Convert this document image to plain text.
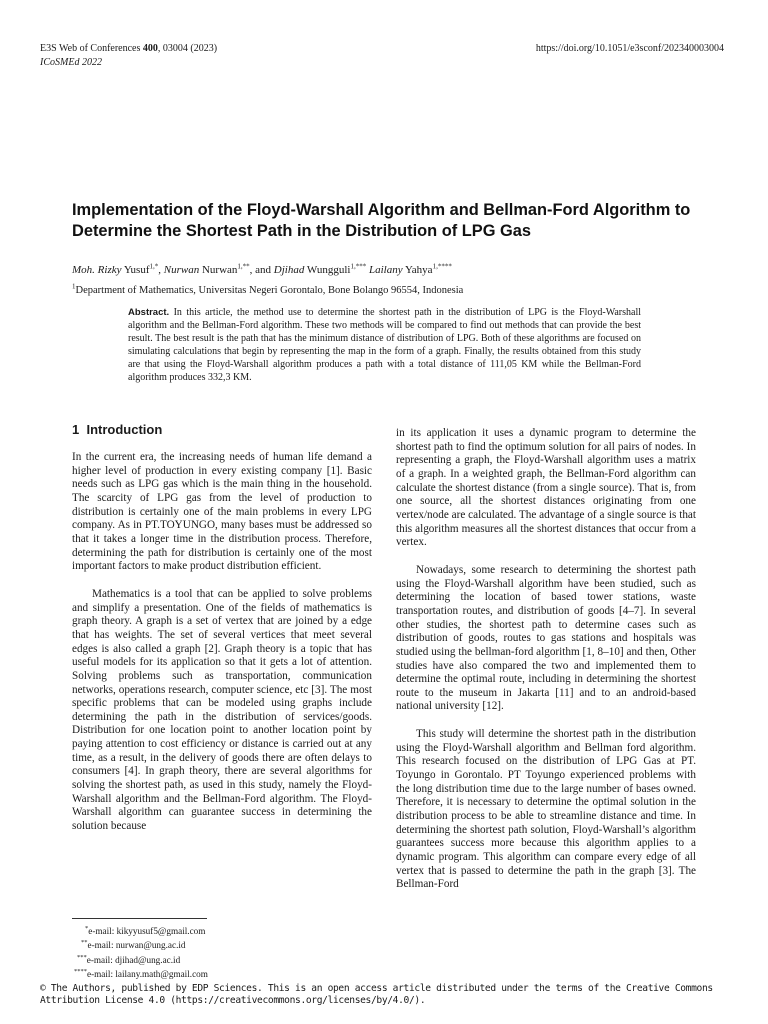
E3S Web of Conferences 400, 03004 (2023)
ICoSMEd 2022
https://doi.org/10.1051/e3sconf/202340003004
Implementation of the Floyd-Warshall Algorithm and Bellman-Ford Algorithm to Determine the Shortest Path in the Distribution of LPG Gas
Moh. Rizky Yusuf$^{1,*}$, Nurwan Nurwan$^{1,**}$, and Djihad Wungguli$^{1,***}$ Lailany Yahya$^{1,****}$
$^1$Department of Mathematics, Universitas Negeri Gorontalo, Bone Bolango 96554, Indonesia
Abstract. In this article, the method use to determine the shortest path in the distribution of LPG is the Floyd-Warshall algorithm and the Bellman-Ford algorithm. These two methods will be compared to find out methods that can provide the best result. The best result is the path that has the minimum distance of distribution of LPG. Both of these algorithms are focused on simulating calculations that begin by representing the map in the form of a graph. Finally, the results obtained from this study are that using the Floyd-Warshall algorithm produces a path with a total distance of 111,05 KM while the Bellman-Ford algorithm produces 332,3 KM.
1 Introduction

In the current era, the increasing needs of human life demand a higher level of production in every existing company [1]. Basic needs such as LPG gas which is the main thing in the household. The scarcity of LPG gas from the level of production to distribution is certainly one of the main problems in every LPG company. As in PT.TOYUNGO, many bases must be addressed so that it takes a longer time in the distribution process. Therefore, determining the path for distribution is certainly one of the most important factors to make product distribution efficient.

Mathematics is a tool that can be applied to solve problems and simplify a presentation. One of the fields of mathematics is graph theory. A graph is a set of vertex that are joined by a edge that has weights. The set of several vertices that meet several edges is also called a graph [2]. Graph theory is a topic that has useful models for its application so that it gets a lot of attention. Solving problems such as transportation, communication networks, operations research, computer science, etc [3]. The most specific problems that can be modeled using graphs include determining the path in the distribution of services/goods. Distribution for one location point to another location point by paying attention to cost efficiency or distance is carried out at any time, as a result, in the delivery of goods there are often delays to consumers [4]. In graph theory, there are several algorithms for solving the shortest path, as used in this study, namely the Floyd-Warshall algorithm and the Bellman-Ford algorithm. The Floyd-Warshall algorithm can guarantee success in determining the solution because

in its application it uses a dynamic program to determine the shortest path to find the optimum solution for all pairs of nodes. In representing a graph, the Floyd-Warshall algorithm uses a matrix of a graph. In a weighted graph, the Bellman-Ford algorithm can calculate the shortest distance (from a single source). That is, from one source, all the shortest distances originating from one vertex/node are calculated. The advantage of a single source is that this algorithm measures all the shortest distances that occur from a vertex.

Nowadays, some research to determining the shortest path using the Floyd-Warshall algorithm have been studied, such as determining the location of based tower stations, waste transportation routes, and distribution of goods [4–7]. In several other studies, the shortest path to determine cases such as distribution of goods, routes to gas stations and hospitals was studied using the bellman-ford algorithm [1, 8–10] and then, Other studies have also compared the two and implemented them to determine the optimal route, including in determining the shortest route to the museum in Jakarta [11] and to an android-based national university [12].

This study will determine the shortest path in the distribution using the Floyd-Warshall algorithm and Bellman ford algorithm. This research focused on the distribution of LPG Gas at PT. Toyungo in Gorontalo. PT Toyungo experienced problems with the long distribution time due to the large number of bases owned. Therefore, it is necessary to determine the optimal solution in the distribution process to be able to streamline distance and time. In determining the shortest path solution, Floyd-Warshall’s algorithm guarantees success more because this algorithm applies to a dynamic program. This algorithm can compare every edge of all vertex that is passed to determine the path in the graph [3]. The Bellman-Ford

*e-mail: kikyyusuf5@gmail.com
**e-mail: nurwan@ung.ac.id
***e-mail: djihad@ung.ac.id
****e-mail: lailany.math@gmail.com
© The Authors, published by EDP Sciences. This is an open access article distributed under the terms of the Creative Commons Attribution License 4.0 (https://creativecommons.org/licenses/by/4.0/).
